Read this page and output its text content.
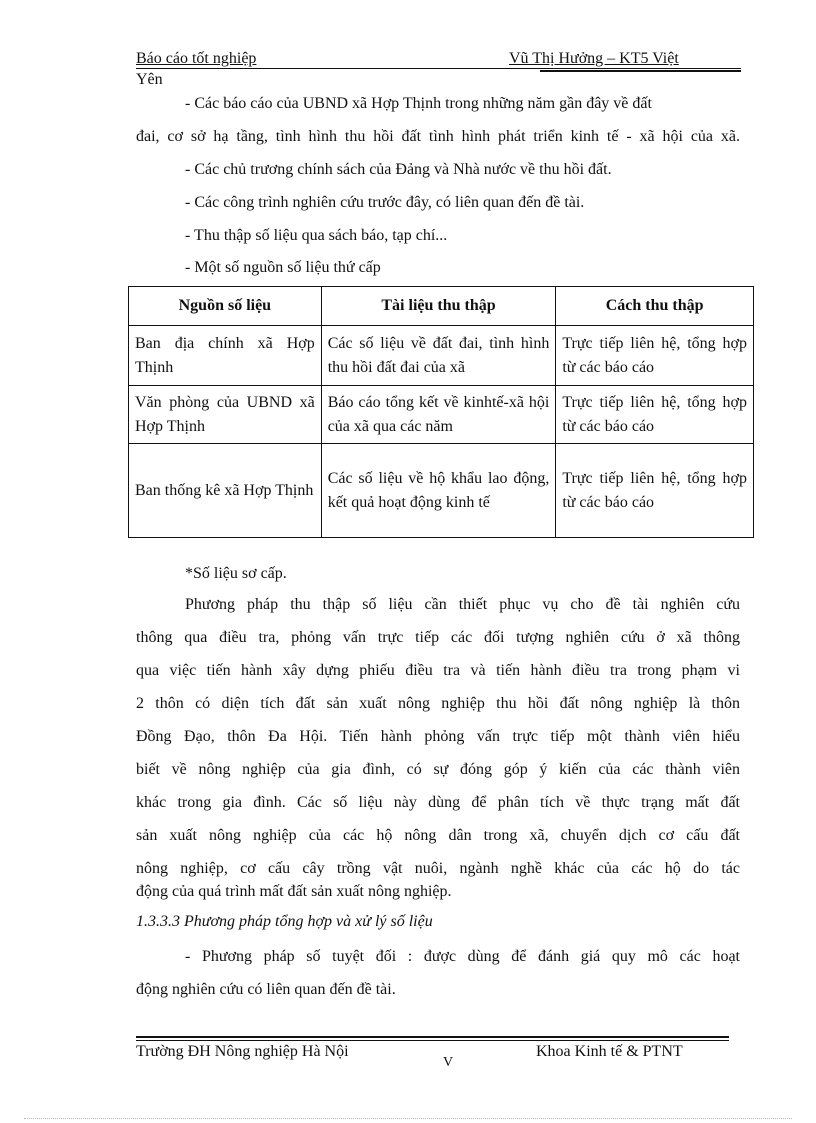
Báo cáo tốt nghiệp	Vũ Thị Hưởng – KT5 Việt
Yên
- Các báo cáo của UBND xã Hợp Thịnh trong những năm gần đây về đất
đai, cơ sở hạ tầng, tình hình thu hồi đất tình hình phát triển kinh tế - xã hội của xã.
- Các chủ trương chính sách của Đảng và Nhà nước về thu hồi đất.
- Các công trình nghiên cứu trước đây, có liên quan đến đề tài.
- Thu thập số liệu qua sách báo, tạp chí...
- Một số nguồn số liệu thứ cấp
Nguồn số liệu	Tài liệu thu thập	Cách thu thập
Ban địa chính xã Hợp Thịnh	Các số liệu về đất đai, tình hình thu hồi đất đai của xã	Trực tiếp liên hệ, tổng hợp từ các báo cáo
Văn phòng của UBND xã Hợp Thịnh	Báo cáo tổng kết về kinhtế-xã hội của xã qua các năm	Trực tiếp liên hệ, tổng hợp từ các báo cáo
Ban thống kê xã Hợp Thịnh	Các số liệu về hộ khẩu lao động, kết quả hoạt động kinh tế	Trực tiếp liên hệ, tổng hợp từ các báo cáo
*Số liệu sơ cấp.
Phương pháp thu thập số liệu cần thiết phục vụ cho đề tài nghiên cứu
thông qua điều tra, phỏng vấn trực tiếp các đối tượng nghiên cứu ở xã thông
qua việc tiến hành xây dựng phiếu điều tra và tiến hành điều tra trong phạm vi
2 thôn có diện tích đất sản xuất nông nghiệp thu hồi đất nông nghiệp là thôn
Đồng Đạo, thôn Đa Hội. Tiến hành phỏng vấn trực tiếp một thành viên hiểu
biết về nông nghiệp của gia đình, có sự đóng góp ý kiến của các thành viên
khác trong gia đình. Các số liệu này dùng để phân tích về thực trạng mất đất
sản xuất nông nghiệp của các hộ nông dân trong xã, chuyển dịch cơ cấu đất
nông nghiệp, cơ cấu cây trồng vật nuôi, ngành nghề khác của các hộ do tác
động của quá trình mất đất sản xuất nông nghiệp.
1.3.3.3 Phương pháp tổng hợp và xử lý số liệu
- Phương pháp số tuyệt đối : được dùng để đánh giá quy mô các hoạt
động nghiên cứu có liên quan đến đề tài.
Trường ĐH Nông nghiệp Hà Nội	Khoa Kinh tế & PTNT
V
